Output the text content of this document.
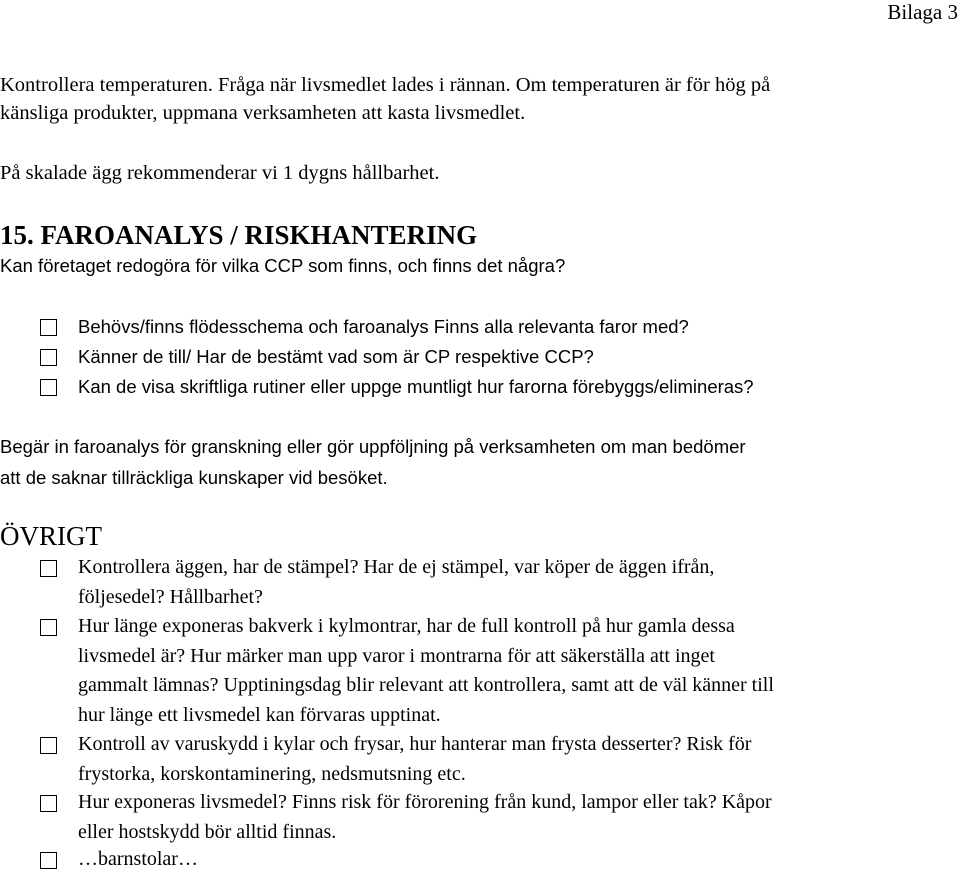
Bilaga 3
Kontrollera temperaturen. Fråga när livsmedlet lades i rännan. Om temperaturen är för hög på
känsliga produkter, uppmana verksamheten att kasta livsmedlet.
På skalade ägg rekommenderar vi 1 dygns hållbarhet.
15. FAROANALYS / RISKHANTERING
Kan företaget redogöra för vilka CCP som finns, och finns det några?
Behövs/finns flödesschema och faroanalys Finns alla relevanta faror med?
Känner de till/ Har de bestämt vad som är CP respektive CCP?
Kan de visa skriftliga rutiner eller uppge muntligt hur farorna förebyggs/elimineras?
Begär in faroanalys för granskning eller gör uppföljning på verksamheten om man bedömer
att de saknar tillräckliga kunskaper vid besöket.
ÖVRIGT
Kontrollera äggen, har de stämpel? Har de ej stämpel, var köper de äggen ifrån,
följesedel? Hållbarhet?
Hur länge exponeras bakverk i kylmontrar, har de full kontroll på hur gamla dessa
livsmedel är? Hur märker man upp varor i montrarna för att säkerställa att inget
gammalt lämnas? Upptiningsdag blir relevant att kontrollera, samt att de väl känner till
hur länge ett livsmedel kan förvaras upptinat.
Kontroll av varuskydd i kylar och frysar, hur hanterar man frysta desserter? Risk för
frystorka, korskontaminering, nedsmutsning etc.
Hur exponeras livsmedel? Finns risk för förorening från kund, lampor eller tak? Kåpor
eller hostskydd bör alltid finnas.
…barnstolar…
